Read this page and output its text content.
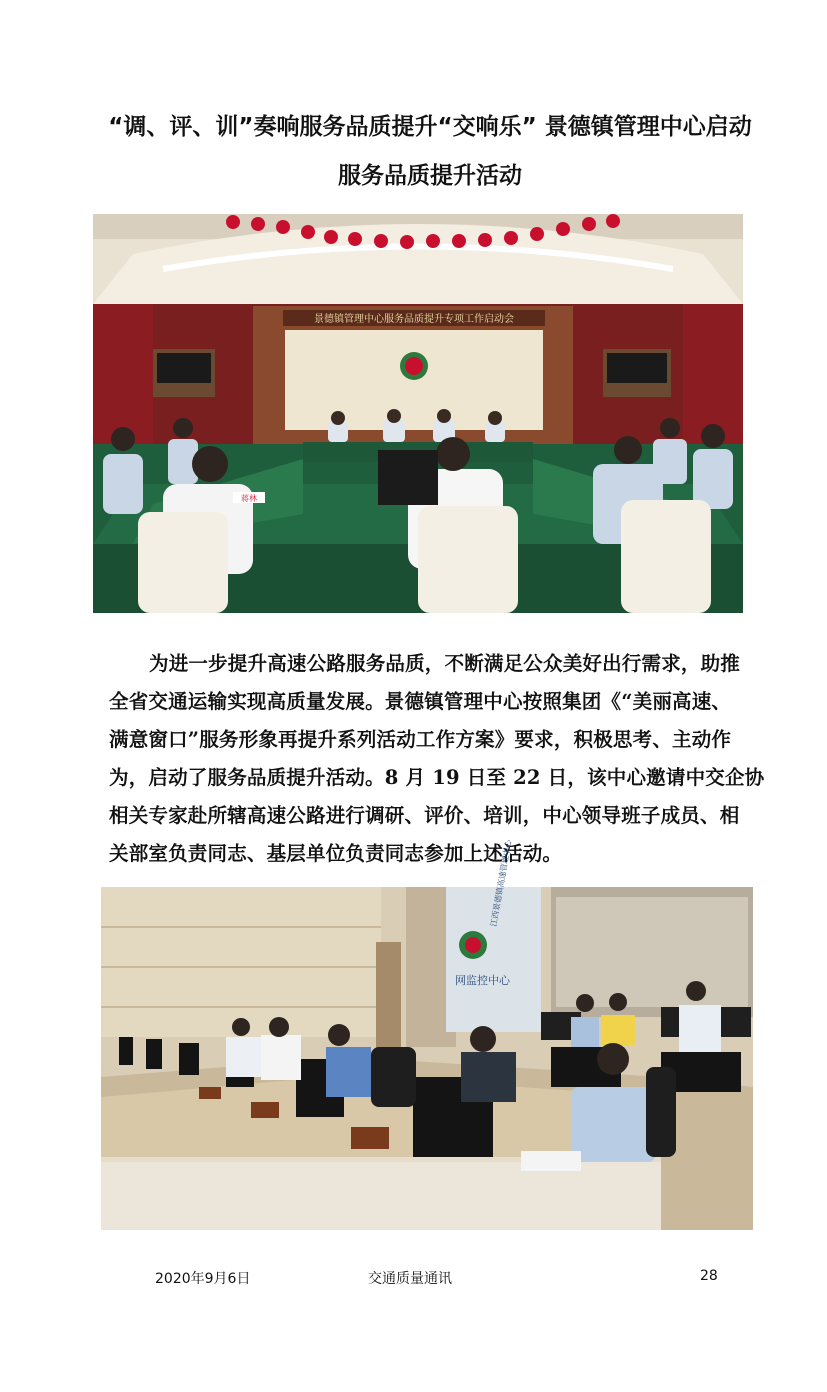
“调、评、训”奏响服务品质提升“交响乐” 景德镇管理中心启动
服务品质提升活动
景德镇管理中心服务品质提升专项工作启动会
蒋林
为进一步提升高速公路服务品质，不断满足公众美好出行需求，助推
全省交通运输实现高质量发展。景德镇管理中心按照集团《“美丽高速、
满意窗口”服务形象再提升系列活动工作方案》要求，积极思考、主动作
为，启动了服务品质提升活动。8 月 19 日至 22 日，该中心邀请中交企协
相关专家赴所辖高速公路进行调研、评价、培训，中心领导班子成员、相
关部室负责同志、基层单位负责同志参加上述活动。
江西景德镇高速管理中心
网监控中心
2020年9月6日	交通质量通讯	28
